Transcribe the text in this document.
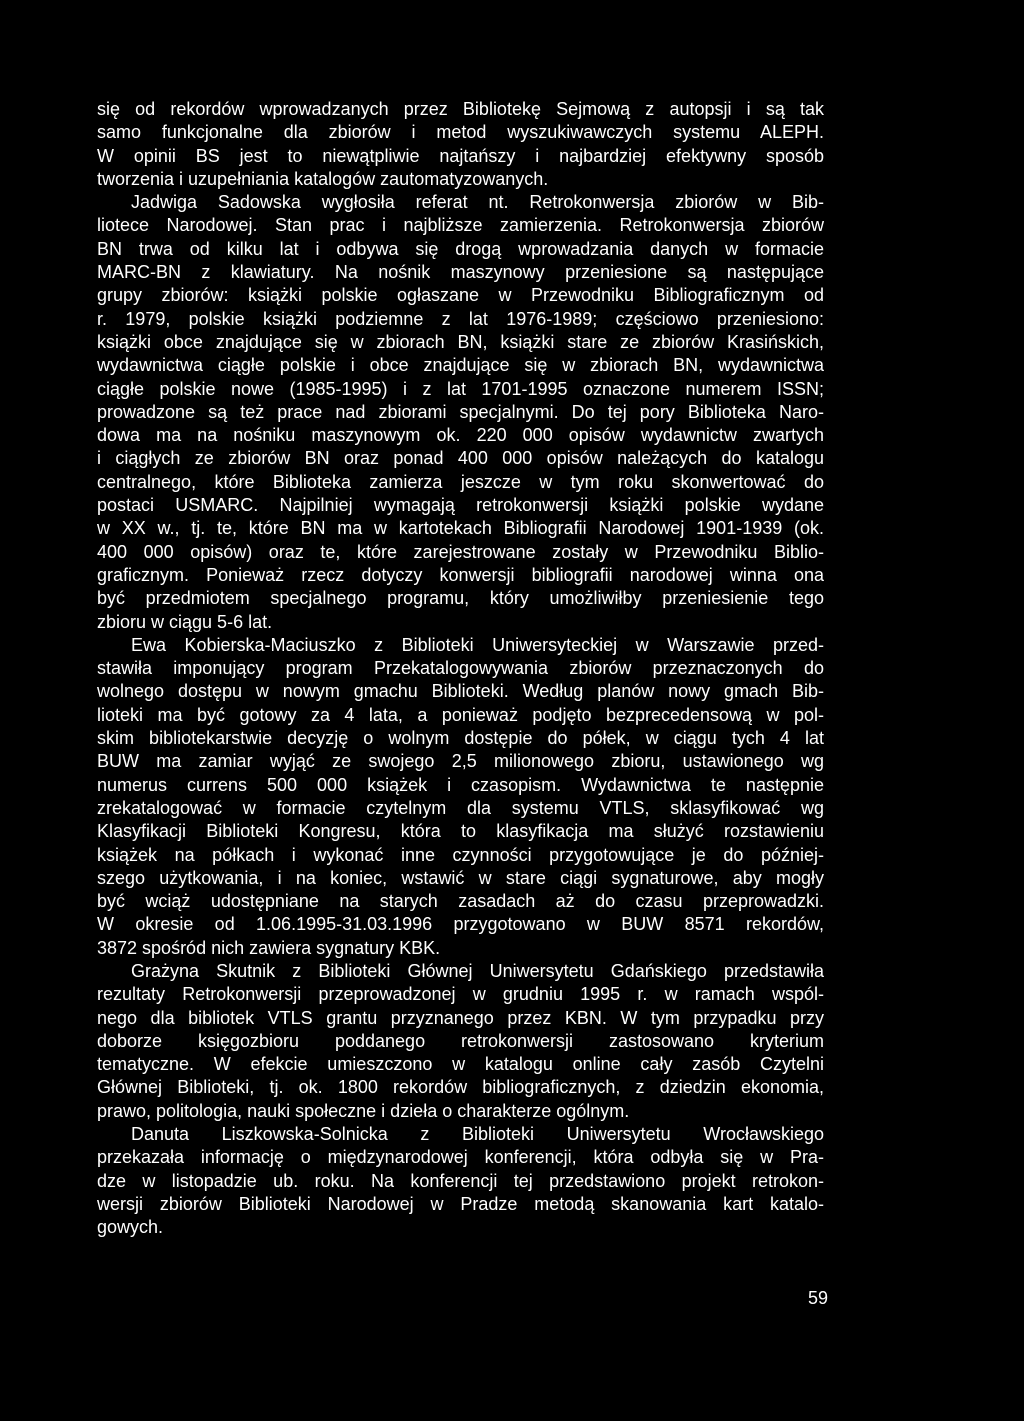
się od rekordów wprowadzanych przez Bibliotekę Sejmową z autopsji i są tak
samo funkcjonalne dla zbiorów i metod wyszukiwawczych systemu ALEPH.
W opinii BS jest to niewątpliwie najtańszy i najbardziej efektywny sposób
tworzenia i uzupełniania katalogów zautomatyzowanych.
Jadwiga Sadowska wygłosiła referat nt. Retrokonwersja zbiorów w Bib-
liotece Narodowej. Stan prac i najbliższe zamierzenia. Retrokonwersja zbiorów
BN trwa od kilku lat i odbywa się drogą wprowadzania danych w formacie
MARC-BN z klawiatury. Na nośnik maszynowy przeniesione są następujące
grupy zbiorów: książki polskie ogłaszane w Przewodniku Bibliograficznym od
r. 1979, polskie książki podziemne z lat 1976-1989; częściowo przeniesiono:
książki obce znajdujące się w zbiorach BN, książki stare ze zbiorów Krasińskich,
wydawnictwa ciągłe polskie i obce znajdujące się w zbiorach BN, wydawnictwa
ciągłe polskie nowe (1985-1995) i z lat 1701-1995 oznaczone numerem ISSN;
prowadzone są też prace nad zbiorami specjalnymi. Do tej pory Biblioteka Naro-
dowa ma na nośniku maszynowym ok. 220 000 opisów wydawnictw zwartych
i ciągłych ze zbiorów BN oraz ponad 400 000 opisów należących do katalogu
centralnego, które Biblioteka zamierza jeszcze w tym roku skonwertować do
postaci USMARC. Najpilniej wymagają retrokonwersji książki polskie wydane
w XX w., tj. te, które BN ma w kartotekach Bibliografii Narodowej 1901-1939 (ok.
400 000 opisów) oraz te, które zarejestrowane zostały w Przewodniku Biblio-
graficznym. Ponieważ rzecz dotyczy konwersji bibliografii narodowej winna ona
być przedmiotem specjalnego programu, który umożliwiłby przeniesienie tego
zbioru w ciągu 5-6 lat.
Ewa Kobierska-Maciuszko z Biblioteki Uniwersyteckiej w Warszawie przed-
stawiła imponujący program Przekatalogowywania zbiorów przeznaczonych do
wolnego dostępu w nowym gmachu Biblioteki. Według planów nowy gmach Bib-
lioteki ma być gotowy za 4 lata, a ponieważ podjęto bezprecedensową w pol-
skim bibliotekarstwie decyzję o wolnym dostępie do półek, w ciągu tych 4 lat
BUW ma zamiar wyjąć ze swojego 2,5 milionowego zbioru, ustawionego wg
numerus currens 500 000 książek i czasopism. Wydawnictwa te następnie
zrekatalogować w formacie czytelnym dla systemu VTLS, sklasyfikować wg
Klasyfikacji Biblioteki Kongresu, która to klasyfikacja ma służyć rozstawieniu
książek na półkach i wykonać inne czynności przygotowujące je do później-
szego użytkowania, i na koniec, wstawić w stare ciągi sygnaturowe, aby mogły
być wciąż udostępniane na starych zasadach aż do czasu przeprowadzki.
W okresie od 1.06.1995-31.03.1996 przygotowano w BUW 8571 rekordów,
3872 spośród nich zawiera sygnatury KBK.
Grażyna Skutnik z Biblioteki Głównej Uniwersytetu Gdańskiego przedstawiła
rezultaty Retrokonwersji przeprowadzonej w grudniu 1995 r. w ramach wspól-
nego dla bibliotek VTLS grantu przyznanego przez KBN. W tym przypadku przy
doborze księgozbioru poddanego retrokonwersji zastosowano kryterium
tematyczne. W efekcie umieszczono w katalogu online cały zasób Czytelni
Głównej Biblioteki, tj. ok. 1800 rekordów bibliograficznych, z dziedzin ekonomia,
prawo, politologia, nauki społeczne i dzieła o charakterze ogólnym.
Danuta Liszkowska-Solnicka z Biblioteki Uniwersytetu Wrocławskiego
przekazała informację o międzynarodowej konferencji, która odbyła się w Pra-
dze w listopadzie ub. roku. Na konferencji tej przedstawiono projekt retrokon-
wersji zbiorów Biblioteki Narodowej w Pradze metodą skanowania kart katalo-
gowych.
59
